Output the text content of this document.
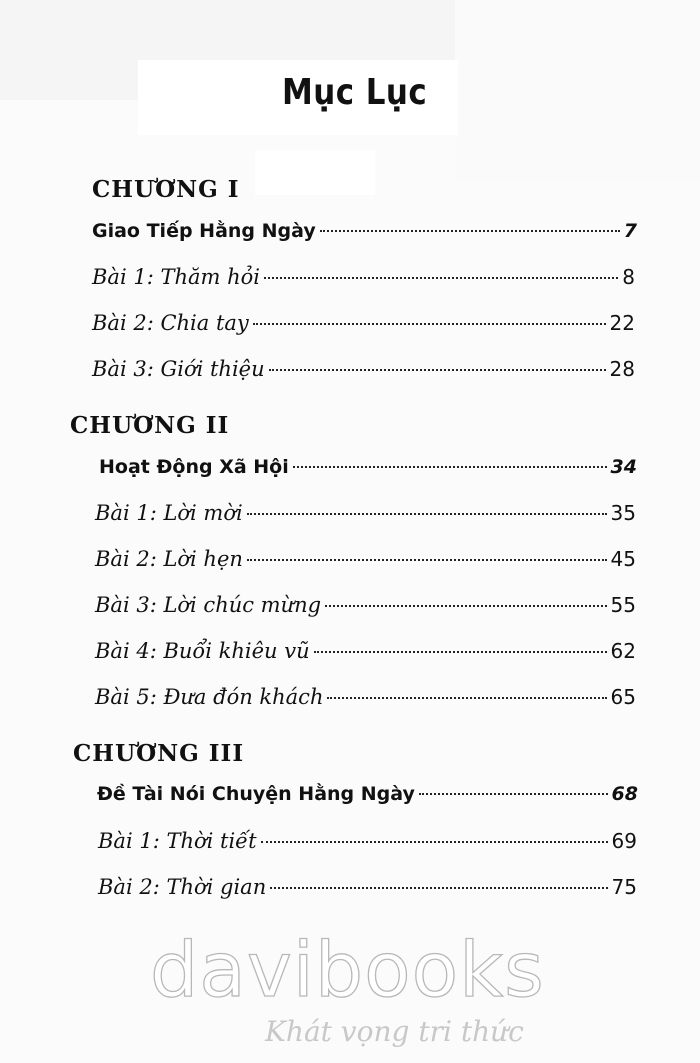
Mục Lục
CHƯƠNG I
Giao Tiếp Hằng Ngày	7
Bài 1: Thăm hỏi	8
Bài 2: Chia tay	22
Bài 3: Giới thiệu	28
CHƯƠNG II
Hoạt Động Xã Hội	34
Bài 1: Lời mời	35
Bài 2: Lời hẹn	45
Bài 3: Lời chúc mừng	55
Bài 4: Buổi khiêu vũ	62
Bài 5: Đưa đón khách	65
CHƯƠNG III
Đề Tài Nói Chuyện Hằng Ngày	68
Bài 1: Thời tiết	69
Bài 2: Thời gian	75
davibooks
Khát vọng tri thức
